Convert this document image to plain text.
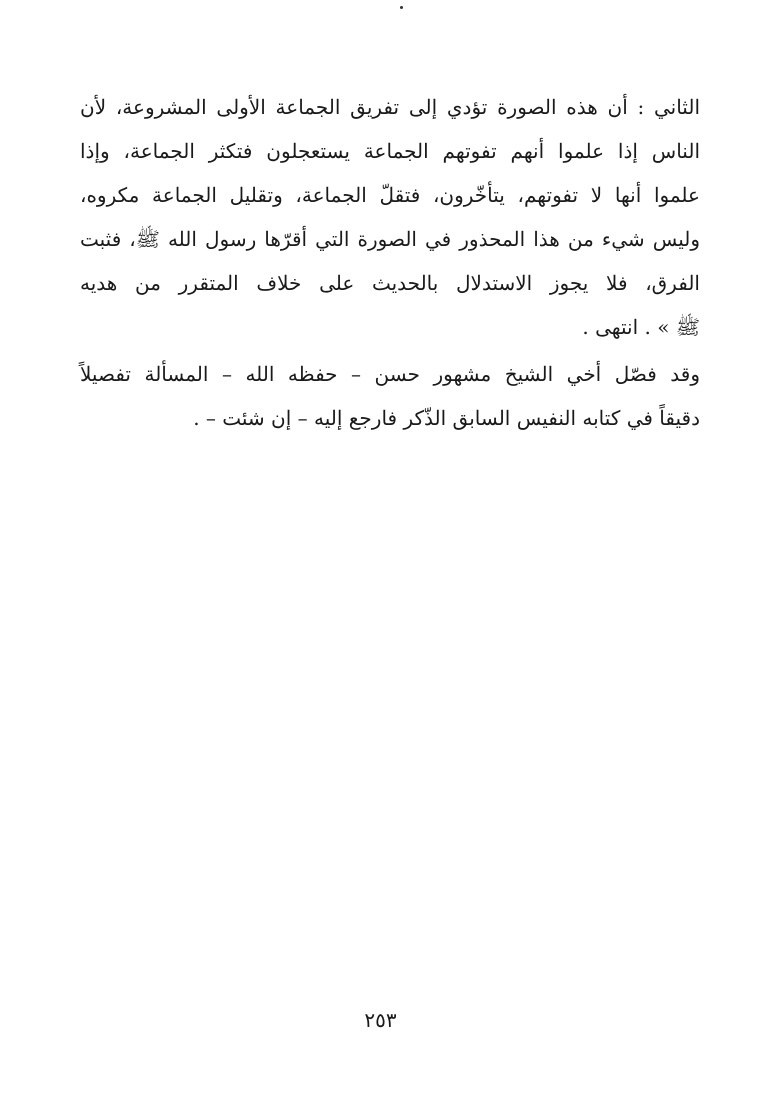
الثاني : أن هذه الصورة تؤدي إلى تفريق الجماعة الأولى المشروعة، لأن
الناس إذا علموا أنهم تفوتهم الجماعة يستعجلون فتكثر الجماعة، وإذا
علموا أنها لا تفوتهم، يتأخّرون، فتقلّ الجماعة، وتقليل الجماعة مكروه،
وليس شيء من هذا المحذور في الصورة التي أقرّها رسول الله ﷺ، فثبت
الفرق، فلا يجوز الاستدلال بالحديث على خلاف المتقرر من هديه
ﷺ » . انتهى .
وقد فصّل أخي الشيخ مشهور حسن – حفظه الله – المسألة تفصيلاً
دقيقاً في كتابه النفيس السابق الذّكر فارجع إليه – إن شئت – .
٢٥٣
